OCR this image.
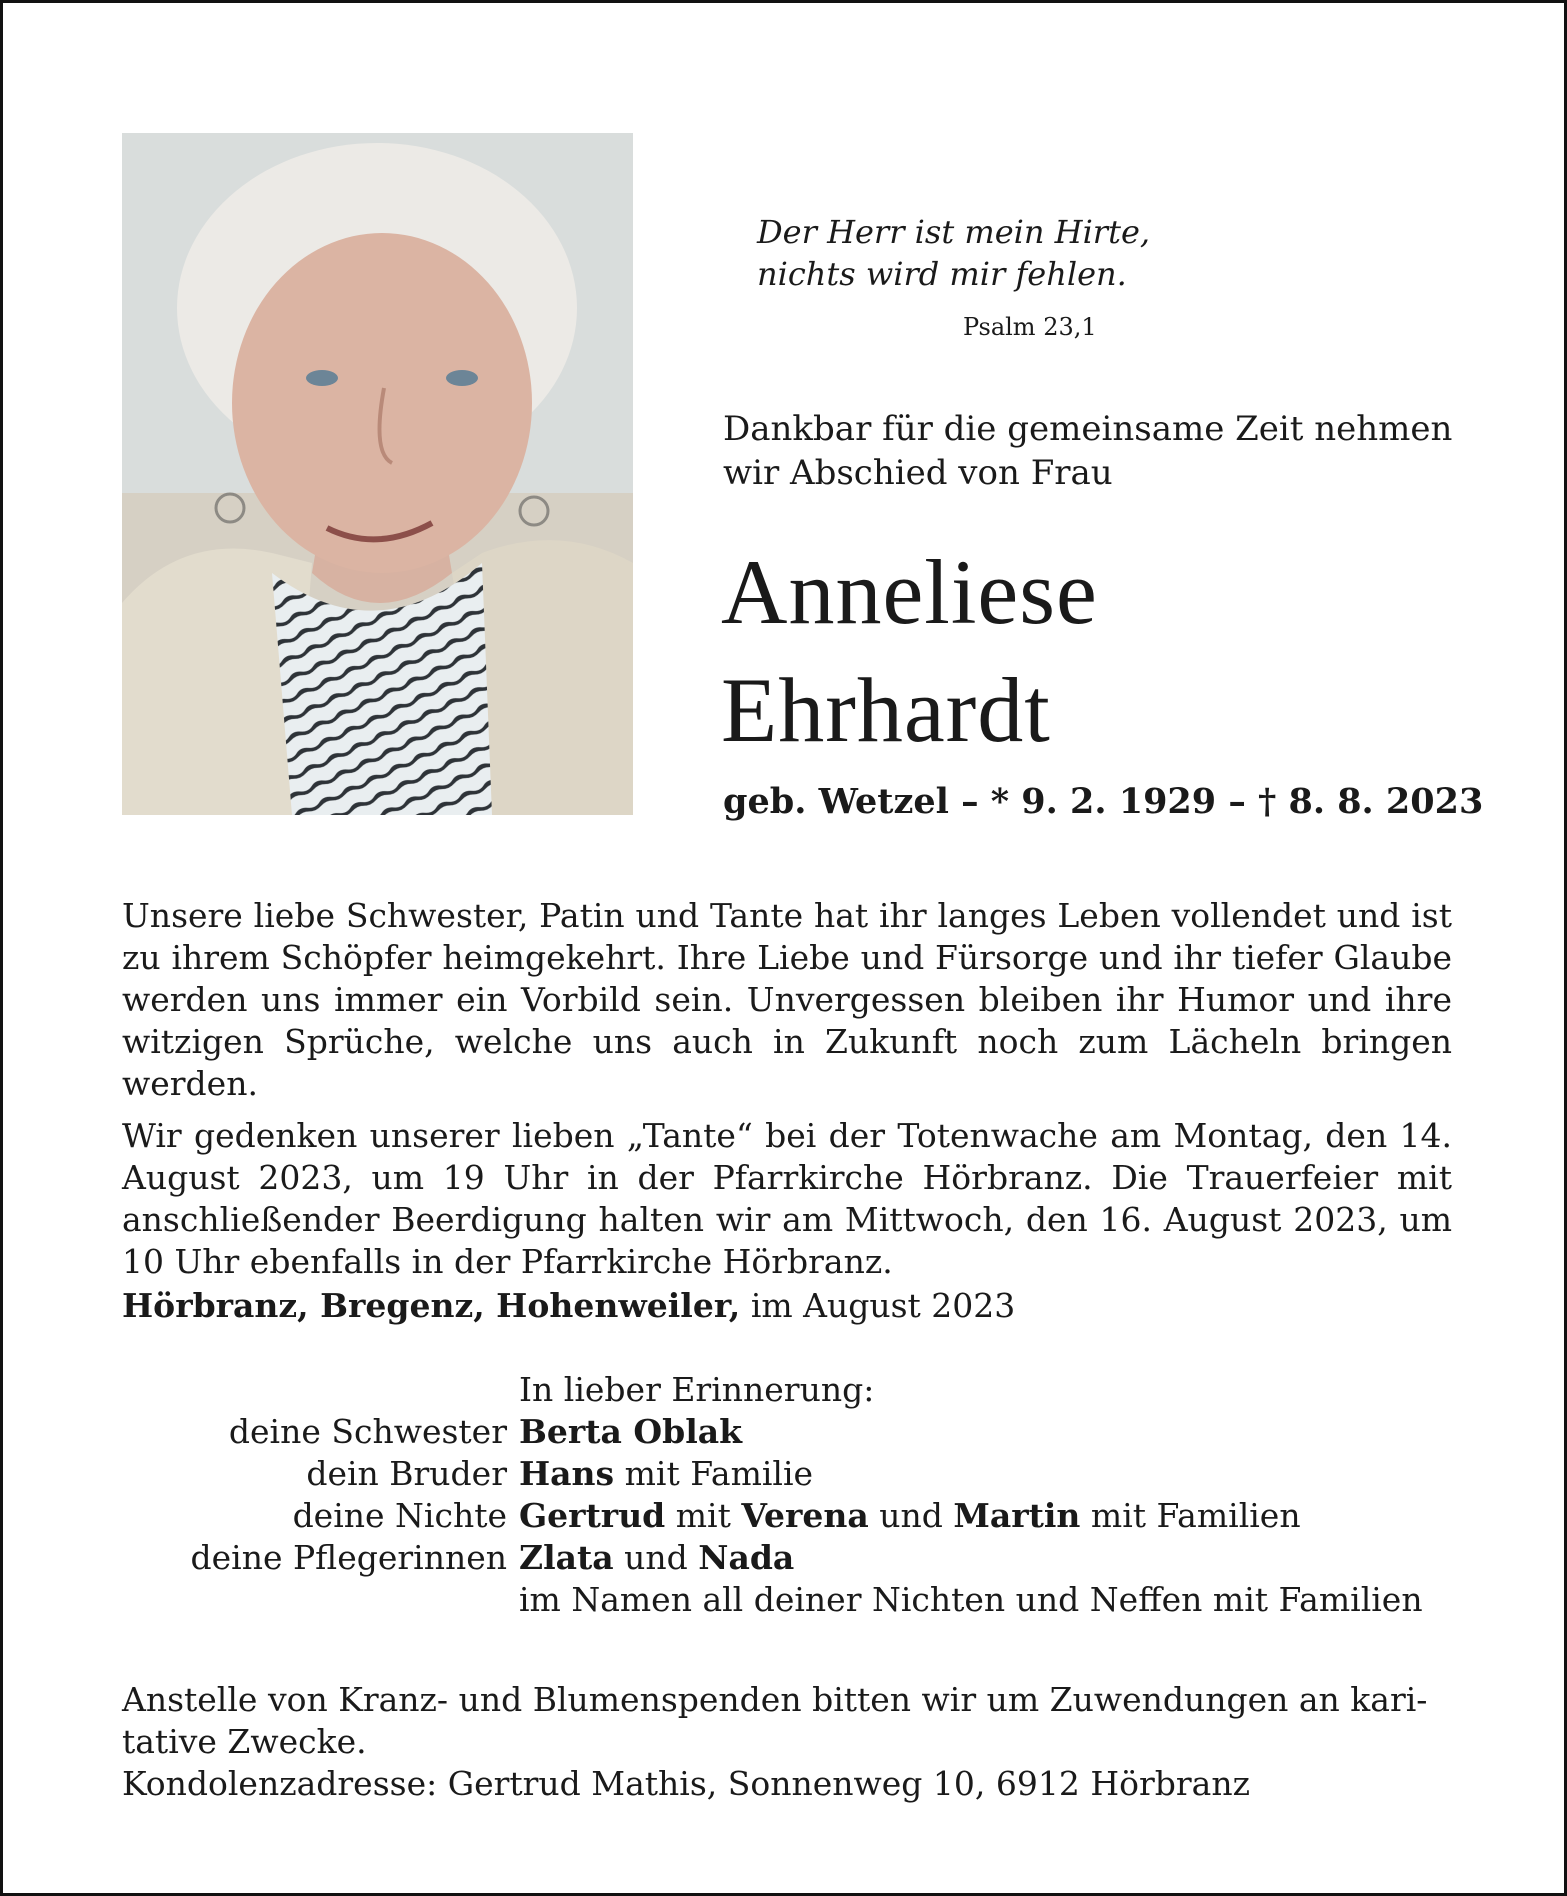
Der Herr ist mein Hirte,
nichts wird mir fehlen.
Psalm 23,1
Dankbar für die gemeinsame Zeit nehmen
wir Abschied von Frau
Anneliese
Ehrhardt
geb. Wetzel – * 9. 2. 1929 – † 8. 8. 2023

Unsere liebe Schwester, Patin und Tante hat ihr langes Leben vollendet und ist zu ihrem Schöpfer heimgekehrt. Ihre Liebe und Fürsorge und ihr tiefer Glaube werden uns immer ein Vorbild sein. Unvergessen bleiben ihr Humor und ihre witzigen Sprüche, welche uns auch in Zukunft noch zum Lächeln bringen werden.

Wir gedenken unserer lieben „Tante“ bei der Totenwache am Montag, den 14. August 2023, um 19 Uhr in der Pfarrkirche Hörbranz. Die Trauerfeier mit anschließender Beerdigung halten wir am Mittwoch, den 16. August 2023, um 10 Uhr ebenfalls in der Pfarrkirche Hörbranz.

Hörbranz, Bregenz, Hohenweiler, im August 2023
In lieber Erinnerung:
deine Schwester Berta Oblak
dein Bruder Hans mit Familie
deine Nichte Gertrud mit Verena und Martin mit Familien
deine Pflegerinnen Zlata und Nada
im Namen all deiner Nichten und Neffen mit Familien
Anstelle von Kranz- und Blumenspenden bitten wir um Zuwendungen an kari-
tative Zwecke.
Kondolenzadresse: Gertrud Mathis, Sonnenweg 10, 6912 Hörbranz
